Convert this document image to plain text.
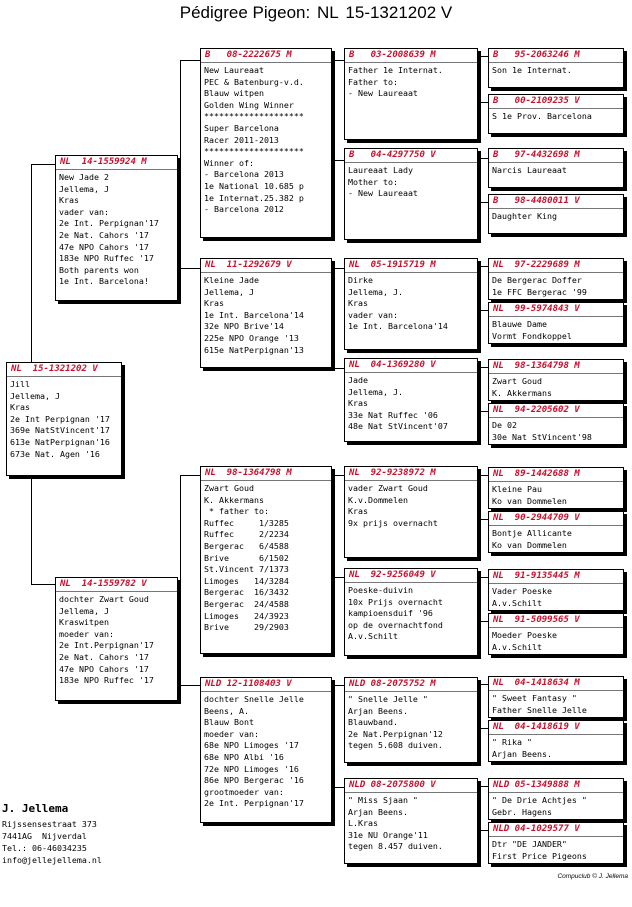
Pédigree Pigeon: NL 15-1321202 V
NL  15-1321202 V
Jill
Jellema, J
Kras
2e Int Perpignan '17
369e NatStVincent'17
613e NatPerpignan'16
673e Nat. Agen '16
NL  14-1559924 M
New Jade 2
Jellema, J
Kras
vader van:
2e Int. Perpignan'17
2e Nat. Cahors '17
47e NPO Cahors '17
183e NPO Ruffec '17
Both parents won
1e Int. Barcelona!
NL  14-1559782 V
dochter Zwart Goud
Jellema, J
Kraswitpen
moeder van:
2e Int.Perpignan'17
2e Nat. Cahors '17
47e NPO Cahors '17
183e NPO Ruffec '17
B   08-2222675 M
New Laureaat
PEC & Batenburg-v.d.
Blauw witpen
Golden Wing Winner
********************
Super Barcelona
Racer 2011-2013
********************
Winner of:
- Barcelona 2013
1e National 10.685 p
1e Internat.25.382 p
- Barcelona 2012
NL  11-1292679 V
Kleine Jade
Jellema, J
Kras
1e Int. Barcelona'14
32e NPO Brive'14
225e NPO Orange '13
615e NatPerpignan'13
NL  98-1364798 M
Zwart Goud
K. Akkermans
* father to:
Ruffec     1/3285
Ruffec     2/2234
Bergerac   6/4588
Brive      6/1502
St.Vincent 7/1373
Limoges   14/3284
Bergerac  16/3432
Bergerac  24/4588
Limoges   24/3923
Brive     29/2903
NLD 12-1108403 V
dochter Snelle Jelle
Beens, A.
Blauw Bont
moeder van:
68e NPO Limoges '17
68e NPO Albi '16
72e NPO Limoges '16
86e NPO Bergerac '16
grootmoeder van:
2e Int. Perpignan'17
B   03-2008639 M
Father 1e Internat.
Father to:
- New Laureaat
B   04-4297750 V
Laureaat Lady
Mother to:
- New Laureaat
NL  05-1915719 M
Dirke
Jellema, J.
Kras
vader van:
1e Int. Barcelona'14
NL  04-1369280 V
Jade
Jellema, J.
Kras
33e Nat Ruffec '06
48e Nat StVincent'07
NL  92-9238972 M
vader Zwart Goud
K.v.Dommelen
Kras
9x prijs overnacht
NL  92-9256049 V
Poeske-duivin
10x Prijs overnacht
kampioensduif '96
op de overnachtfond
A.v.Schilt
NLD 08-2075752 M
" Snelle Jelle "
Arjan Beens.
Blauwband.
2e Nat.Perpignan'12
tegen 5.608 duiven.
NLD 08-2075800 V
" Miss Sjaan "
Arjan Beens.
L.Kras
31e NU Orange'11
tegen 8.457 duiven.
B   95-2063246 M
Son 1e Internat.
B   00-2109235 V
S 1e Prov. Barcelona
B   97-4432698 M
Narcis Laureaat
B   98-4480011 V
Daughter King
NL  97-2229689 M
De Bergerac Doffer
1e FFC Bergerac '99
NL  99-5974843 V
Blauwe Dame
Vormt Fondkoppel
NL  98-1364798 M
Zwart Goud
K. Akkermans
NL  94-2205602 V
De 02
30e Nat StVincent'98
NL  89-1442688 M
Kleine Pau
Ko van Dommelen
NL  90-2944709 V
Bontje Allicante
Ko van Dommelen
NL  91-9135445 M
Vader Poeske
A.v.Schilt
NL  91-5099565 V
Moeder Poeske
A.v.Schilt
NL  04-1418634 M
" Sweet Fantasy "
Father Snelle Jelle
NL  04-1418619 V
" Rika "
Arjan Beens.
NLD 05-1349888 M
" De Drie Achtjes "
Gebr. Hagens
NLD 04-1029577 V
Dtr "DE JANDER"
First Price Pigeons
J. Jellema
Rijssensestraat 373
7441AG  Nijverdal
Tel.: 06-46034235
info@jellejellema.nl
Compuclub © J. Jellema
